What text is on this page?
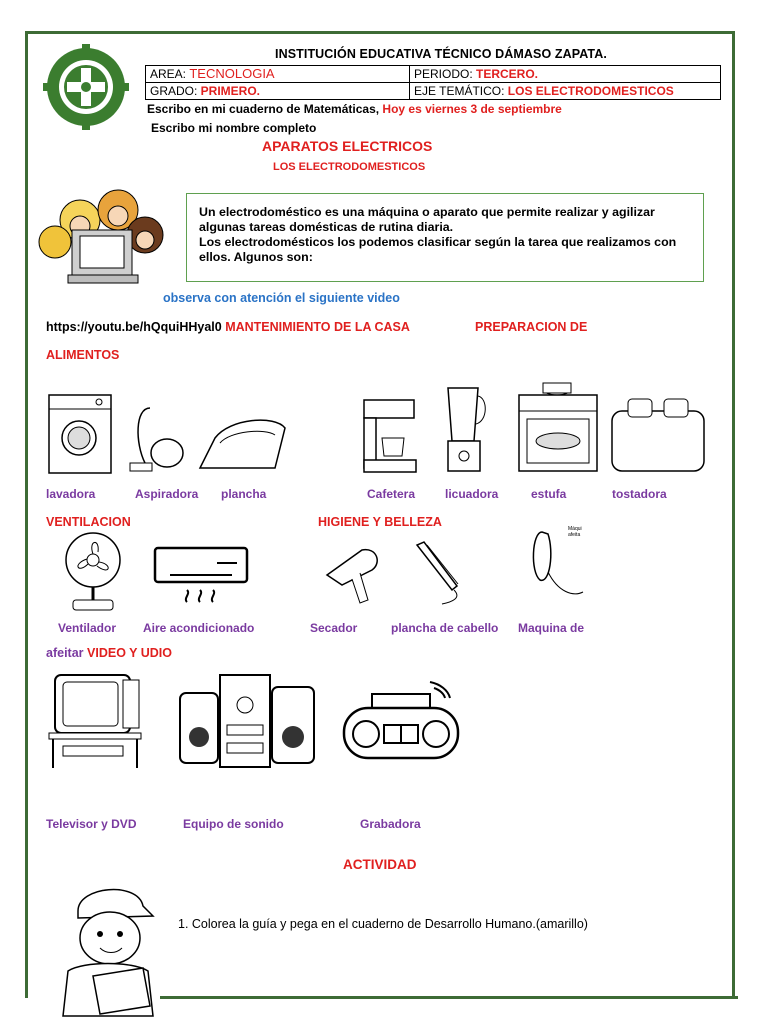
INSTITUCIÓN EDUCATIVA TÉCNICO DÁMASO ZAPATA.
AREA: TECNOLOGIA	PERIODO: TERCERO.
GRADO: PRIMERO.	EJE TEMÁTICO: LOS ELECTRODOMESTICOS
Escribo en mi cuaderno de Matemáticas, Hoy es viernes 3 de septiembre
Escribo mi nombre completo
APARATOS ELECTRICOS
LOS ELECTRODOMESTICOS
Un electrodoméstico es una máquina o aparato que permite realizar y agilizar algunas tareas domésticas de rutina diaria.
Los electrodomésticos los podemos clasificar según la tarea que realizamos con ellos. Algunos son:
observa con atención el siguiente video
https://youtu.be/hQquiHHyal0 MANTENIMIENTO DE LA CASA	PREPARACION DE
ALIMENTOS
lavadora	Aspiradora plancha	Cafetera licuadora	estufa	tostadora
VENTILACION	HIGIENE Y BELLEZA	Máqui
afeita
Ventilador Aire acondicionado	Secador	plancha de cabello Maquina de
afeitar VIDEO Y UDIO
Televisor y DVD	Equipo de sonido	Grabadora
ACTIVIDAD
1. Colorea la guía y pega en el cuaderno de Desarrollo Humano.(amarillo)
